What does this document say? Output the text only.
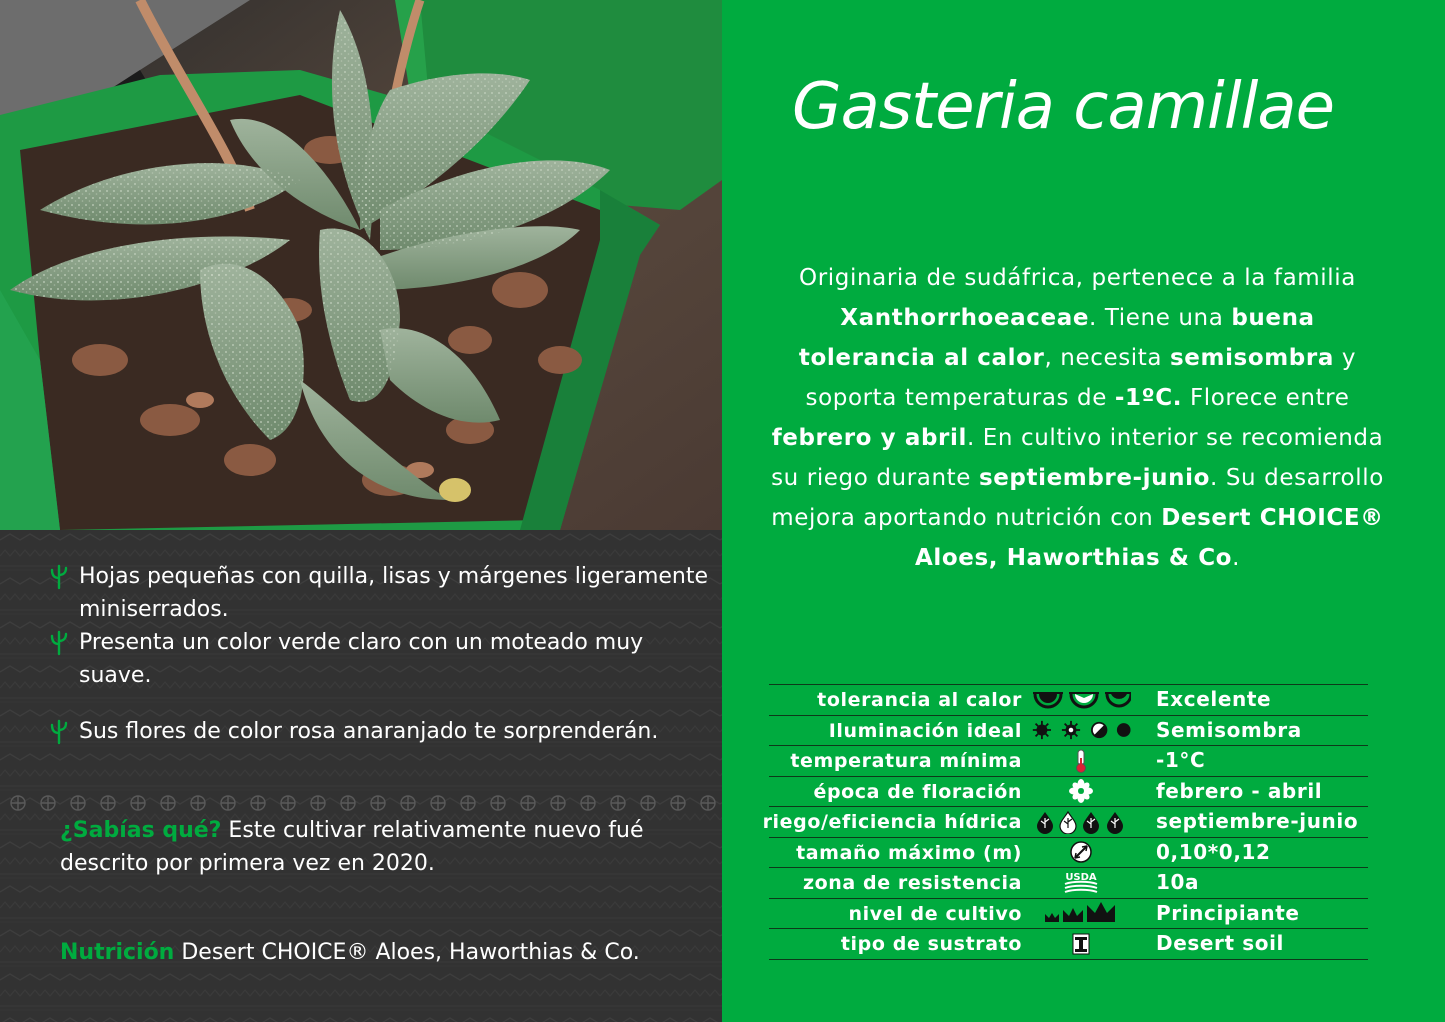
Hojas pequeñas con quilla, lisas y márgenes ligeramente miniserrados.
Presenta un color verde claro con un moteado muy suave.
Sus flores de color rosa anaranjado te sorprenderán.
¿Sabías qué? Este cultivar relativamente nuevo fué descrito por primera vez en 2020.
Nutrición Desert CHOICE® Aloes, Haworthias & Co.
Gasteria camillae

Originaria de sudáfrica, pertenece a la familia Xanthorrhoeaceae. Tiene una buena tolerancia al calor, necesita semisombra y soporta temperaturas de -1ºC. Florece entre febrero y abril. En cultivo interior se recomienda su riego durante septiembre-junio. Su desarrollo mejora aportando nutrición con Desert CHOICE® Aloes, Haworthias & Co.

tolerancia al calor	Excelente
Iluminación ideal	Semisombra
temperatura mínima	-1°C
época de floración	febrero - abril
riego/eficiencia hídrica	septiembre-junio
tamaño máximo (m)	0,10*0,12
zona de resistencia	USDA	10a
nivel de cultivo	Principiante
tipo de sustrato	Desert soil
